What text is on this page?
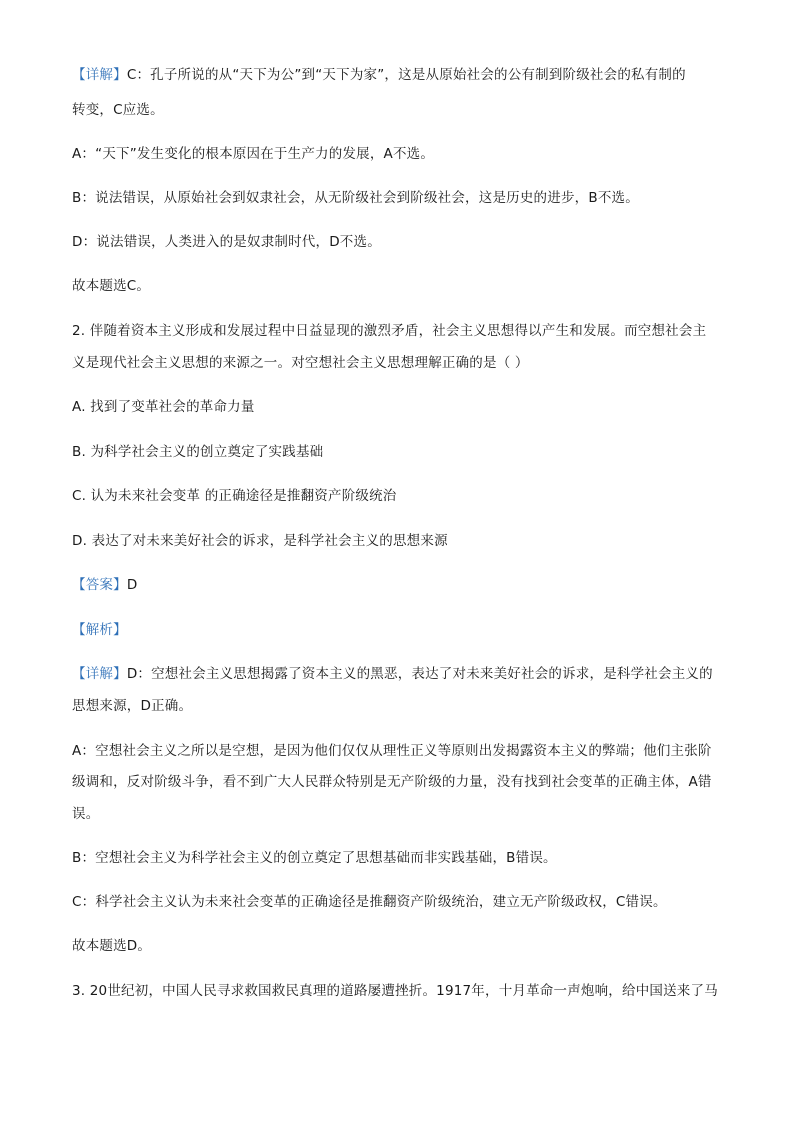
【详解】C：孔子所说的从“天下为公”到“天下为家”，这是从原始社会的公有制到阶级社会的私有制的
转变，C应选。
A：“天下”发生变化的根本原因在于生产力的发展，A不选。
B：说法错误，从原始社会到奴隶社会，从无阶级社会到阶级社会，这是历史的进步，B不选。
D：说法错误，人类进入的是奴隶制时代，D不选。
故本题选C。
2. 伴随着资本主义形成和发展过程中日益显现的激烈矛盾，社会主义思想得以产生和发展。而空想社会主
义是现代社会主义思想的来源之一。对空想社会主义思想理解正确的是（ ）
A. 找到了变革社会的革命力量
B. 为科学社会主义的创立奠定了实践基础
C. 认为未来社会变革 的正确途径是推翻资产阶级统治
D. 表达了对未来美好社会的诉求，是科学社会主义的思想来源
【答案】D
【解析】
【详解】D：空想社会主义思想揭露了资本主义的黑恶，表达了对未来美好社会的诉求，是科学社会主义的
思想来源，D正确。
A：空想社会主义之所以是空想，是因为他们仅仅从理性正义等原则出发揭露资本主义的弊端；他们主张阶
级调和，反对阶级斗争，看不到广大人民群众特别是无产阶级的力量，没有找到社会变革的正确主体，A错
误。
B：空想社会主义为科学社会主义的创立奠定了思想基础而非实践基础，B错误。
C：科学社会主义认为未来社会变革的正确途径是推翻资产阶级统治，建立无产阶级政权，C错误。
故本题选D。
3. 20世纪初，中国人民寻求救国救民真理的道路屡遭挫折。1917年，十月革命一声炮响，给中国送来了马
